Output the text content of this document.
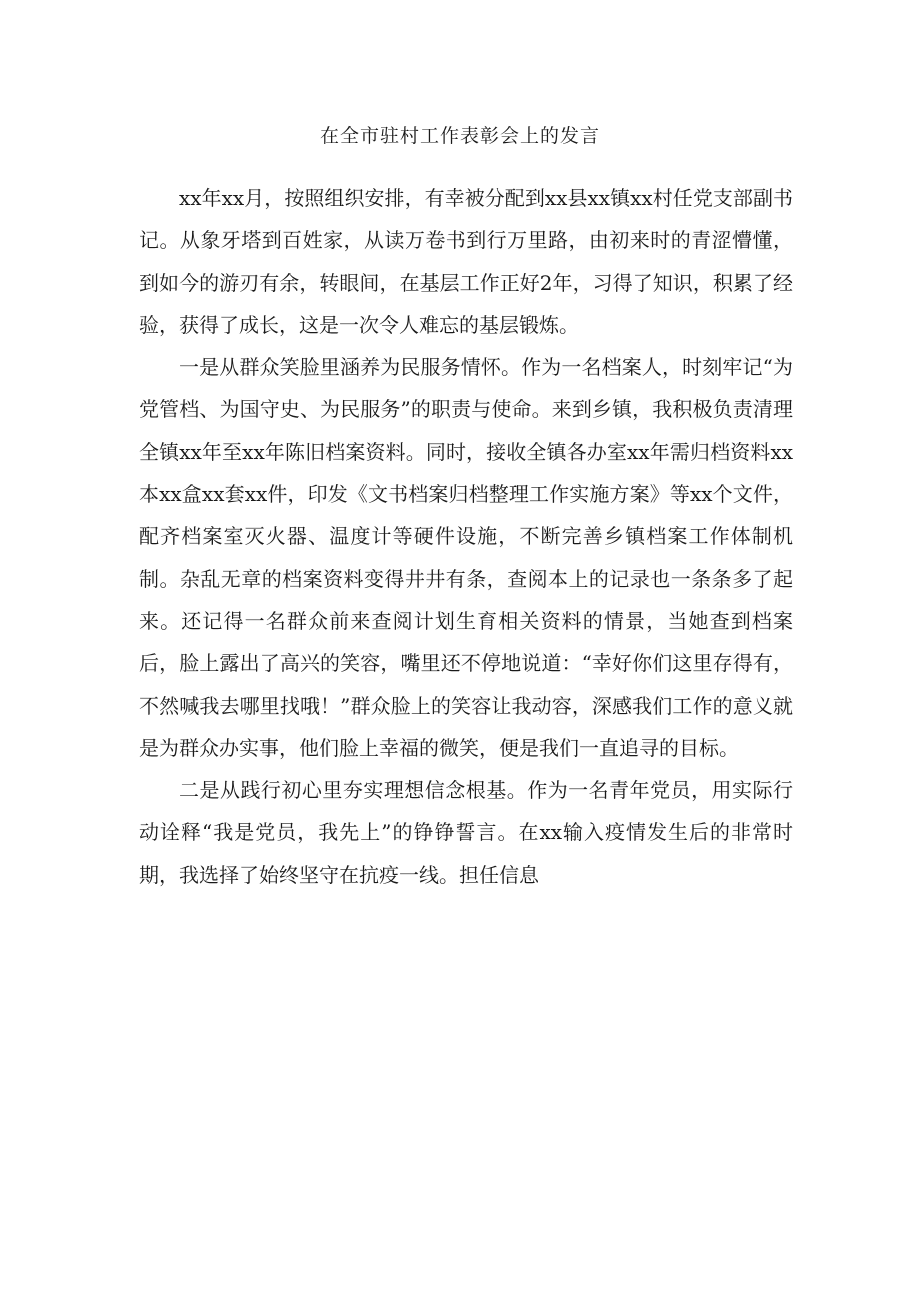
在全市驻村工作表彰会上的发言

xx年xx月，按照组织安排，有幸被分配到xx县xx镇xx村任党支部副书记。从象牙塔到百姓家，从读万卷书到行万里路，由初来时的青涩懵懂，到如今的游刃有余，转眼间，在基层工作正好2年，习得了知识，积累了经验，获得了成长，这是一次令人难忘的基层锻炼。

一是从群众笑脸里涵养为民服务情怀。作为一名档案人，时刻牢记“为党管档、为国守史、为民服务”的职责与使命。来到乡镇，我积极负责清理全镇xx年至xx年陈旧档案资料。同时，接收全镇各办室xx年需归档资料xx本xx盒xx套xx件，印发《文书档案归档整理工作实施方案》等xx个文件，配齐档案室灭火器、温度计等硬件设施，不断完善乡镇档案工作体制机制。杂乱无章的档案资料变得井井有条，查阅本上的记录也一条条多了起来。还记得一名群众前来查阅计划生育相关资料的情景，当她查到档案后，脸上露出了高兴的笑容，嘴里还不停地说道：“幸好你们这里存得有，不然喊我去哪里找哦！”群众脸上的笑容让我动容，深感我们工作的意义就是为群众办实事，他们脸上幸福的微笑，便是我们一直追寻的目标。

二是从践行初心里夯实理想信念根基。作为一名青年党员，用实际行动诠释“我是党员，我先上”的铮铮誓言。在xx输入疫情发生后的非常时期，我选择了始终坚守在抗疫一线。担任信息
